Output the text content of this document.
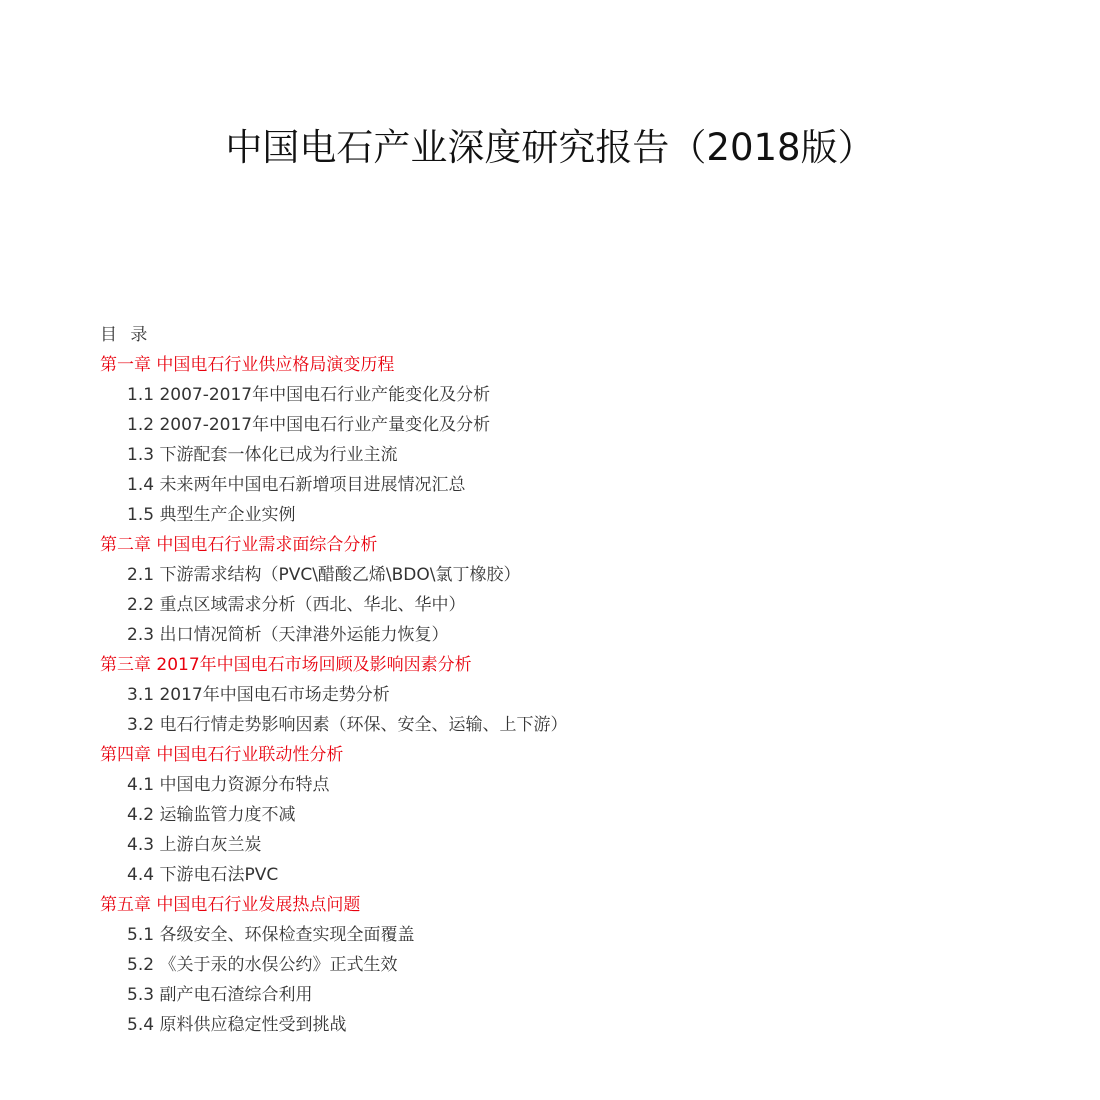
中国电石产业深度研究报告（2018版）
目 录
第一章 中国电石行业供应格局演变历程
1.1 2007-2017年中国电石行业产能变化及分析
1.2 2007-2017年中国电石行业产量变化及分析
1.3 下游配套一体化已成为行业主流
1.4 未来两年中国电石新增项目进展情况汇总
1.5 典型生产企业实例
第二章 中国电石行业需求面综合分析
2.1 下游需求结构（PVC\醋酸乙烯\BDO\氯丁橡胶）
2.2 重点区域需求分析（西北、华北、华中）
2.3 出口情况简析（天津港外运能力恢复）
第三章 2017年中国电石市场回顾及影响因素分析
3.1 2017年中国电石市场走势分析
3.2 电石行情走势影响因素（环保、安全、运输、上下游）
第四章 中国电石行业联动性分析
4.1 中国电力资源分布特点
4.2 运输监管力度不减
4.3 上游白灰兰炭
4.4 下游电石法PVC
第五章 中国电石行业发展热点问题
5.1 各级安全、环保检查实现全面覆盖
5.2 《关于汞的水俣公约》正式生效
5.3 副产电石渣综合利用
5.4 原料供应稳定性受到挑战
